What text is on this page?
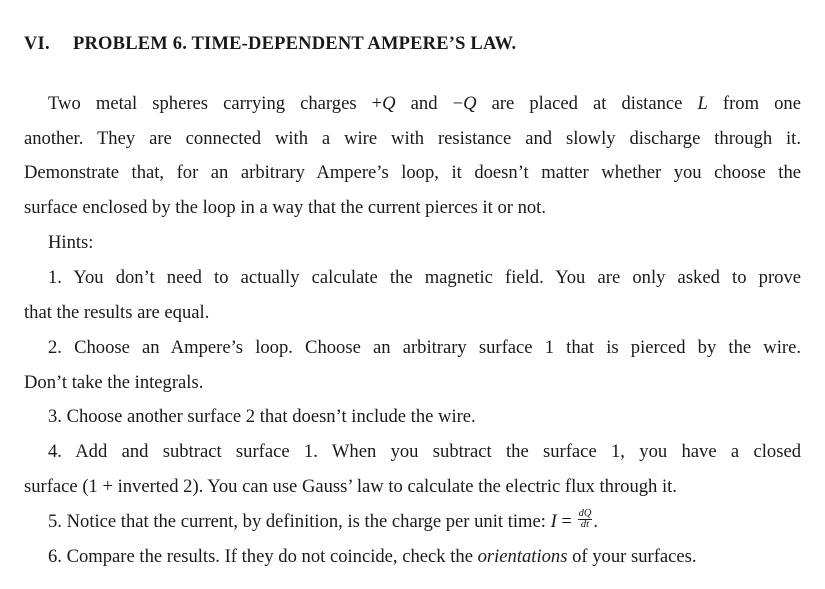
VI. PROBLEM 6. TIME-DEPENDENT AMPERE’S LAW.
Two metal spheres carrying charges +Q and −Q are placed at distance L from one
another. They are connected with a wire with resistance and slowly discharge through it.
Demonstrate that, for an arbitrary Ampere’s loop, it doesn’t matter whether you choose the
surface enclosed by the loop in a way that the current pierces it or not.
Hints:
1. You don’t need to actually calculate the magnetic field. You are only asked to prove
that the results are equal.
2. Choose an Ampere’s loop. Choose an arbitrary surface 1 that is pierced by the wire.
Don’t take the integrals.
3. Choose another surface 2 that doesn’t include the wire.
4. Add and subtract surface 1. When you subtract the surface 1, you have a closed
surface (1 + inverted 2). You can use Gauss’ law to calculate the electric flux through it.
5. Notice that the current, by definition, is the charge per unit time: $I = \frac{dQ}{dt}$ .
6. Compare the results. If they do not coincide, check the orientations of your surfaces.
